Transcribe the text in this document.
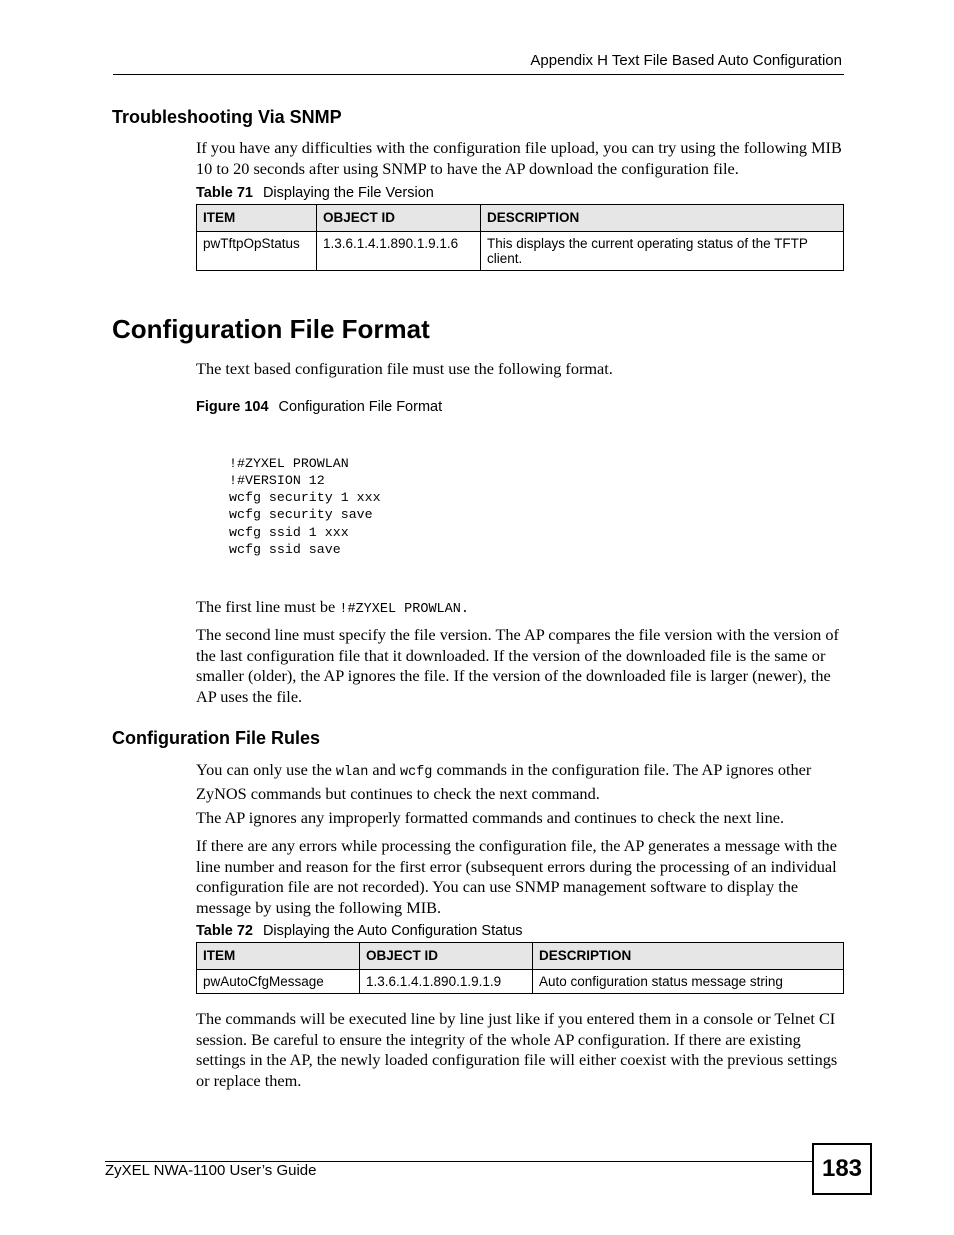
Appendix H Text File Based Auto Configuration
Troubleshooting Via SNMP

If you have any difficulties with the configuration file upload, you can try using the following MIB 10 to 20 seconds after using SNMP to have the AP download the configuration file.

Table 71 Displaying the File Version
ITEM	OBJECT ID	DESCRIPTION
pwTftpOpStatus	1.3.6.1.4.1.890.1.9.1.6	This displays the current operating status of the TFTP client.
Configuration File Format

The text based configuration file must use the following format.

Figure 104 Configuration File Format
!#ZYXEL PROWLAN
!#VERSION 12
wcfg security 1 xxx
wcfg security save
wcfg ssid 1 xxx
wcfg ssid save

The first line must be !#ZYXEL PROWLAN.

The second line must specify the file version. The AP compares the file version with the version of the last configuration file that it downloaded. If the version of the downloaded file is the same or smaller (older), the AP ignores the file. If the version of the downloaded file is larger (newer), the AP uses the file.

Configuration File Rules

You can only use the wlan and wcfg commands in the configuration file. The AP ignores other ZyNOS commands but continues to check the next command.

The AP ignores any improperly formatted commands and continues to check the next line.

If there are any errors while processing the configuration file, the AP generates a message with the line number and reason for the first error (subsequent errors during the processing of an individual configuration file are not recorded). You can use SNMP management software to display the message by using the following MIB.

Table 72 Displaying the Auto Configuration Status
ITEM	OBJECT ID	DESCRIPTION
pwAutoCfgMessage	1.3.6.1.4.1.890.1.9.1.9	Auto configuration status message string

The commands will be executed line by line just like if you entered them in a console or Telnet CI session. Be careful to ensure the integrity of the whole AP configuration. If there are existing settings in the AP, the newly loaded configuration file will either coexist with the previous settings or replace them.

ZyXEL NWA-1100 User’s Guide	183
